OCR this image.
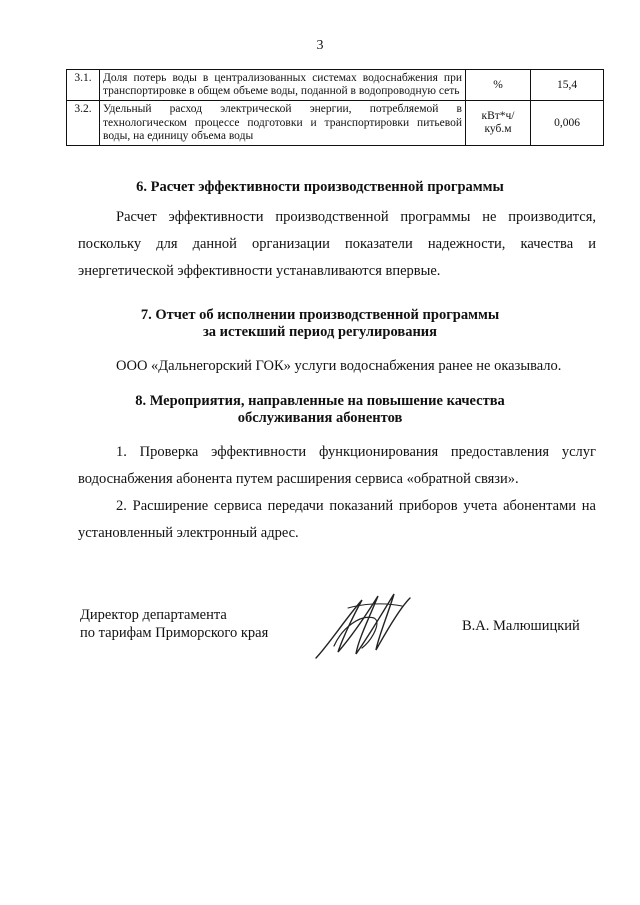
3
3.1.	Доля потерь воды в централизованных системах водоснабжения при транспортировке в общем объеме воды, поданной в водопроводную сеть	%	15,4
3.2.	Удельный расход электрической энергии, потребляемой в технологическом процессе подготовки и транспортировки питьевой воды, на единицу объема воды	кВт*ч/ куб.м	0,006
6. Расчет эффективности производственной программы
Расчет эффективности производственной программы не производится, поскольку для данной организации показатели надежности, качества и энергетической эффективности устанавливаются впервые.
7. Отчет об исполнении производственной программы
за истекший период регулирования
ООО «Дальнегорский ГОК» услуги водоснабжения ранее не оказывало.
8. Мероприятия, направленные на повышение качества
обслуживания абонентов
1. Проверка эффективности функционирования предоставления услуг водоснабжения абонента путем расширения сервиса «обратной связи».
2. Расширение сервиса передачи показаний приборов учета абонентами на установленный электронный адрес.
Директор департамента
по тарифам Приморского края	В.А. Малюшицкий
